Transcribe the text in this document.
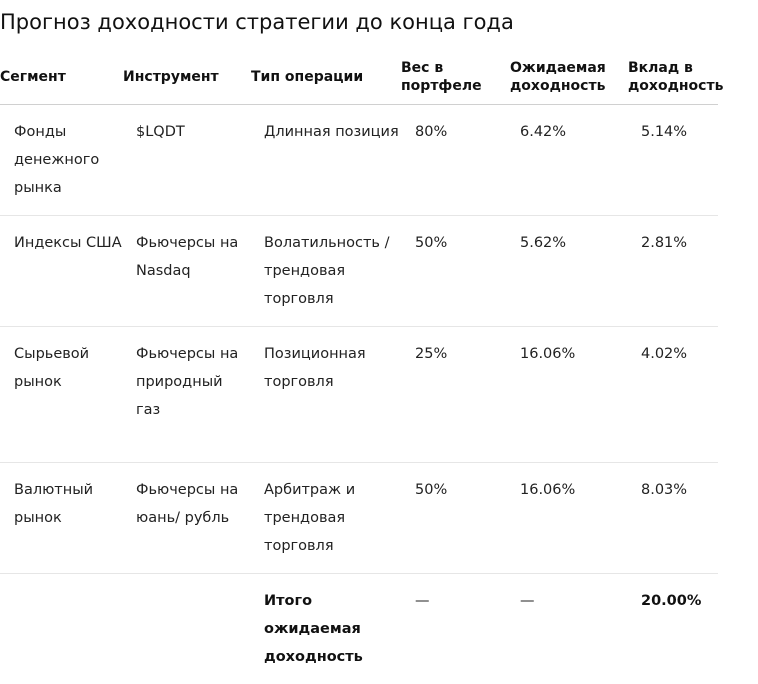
Прогноз доходности стратегии до конца года
Сегмент	Инструмент	Тип операции	Вес в портфеле	Ожидаемая доходность	Вклад в доходность
Фонды денежного рынка	$LQDT	Длинная позиция	80%	6.42%	5.14%
Индексы США	Фьючерсы на Nasdaq	Волатильность / трендовая торговля	50%	5.62%	2.81%
Сырьевой рынок	Фьючерсы на природный газ	Позиционная торговля	25%	16.06%	4.02%
Валютный рынок	Фьючерсы на юань/ рубль	Арбитраж и трендовая торговля	50%	16.06%	8.03%
		Итого ожидаемая доходность	—	—	20.00%
